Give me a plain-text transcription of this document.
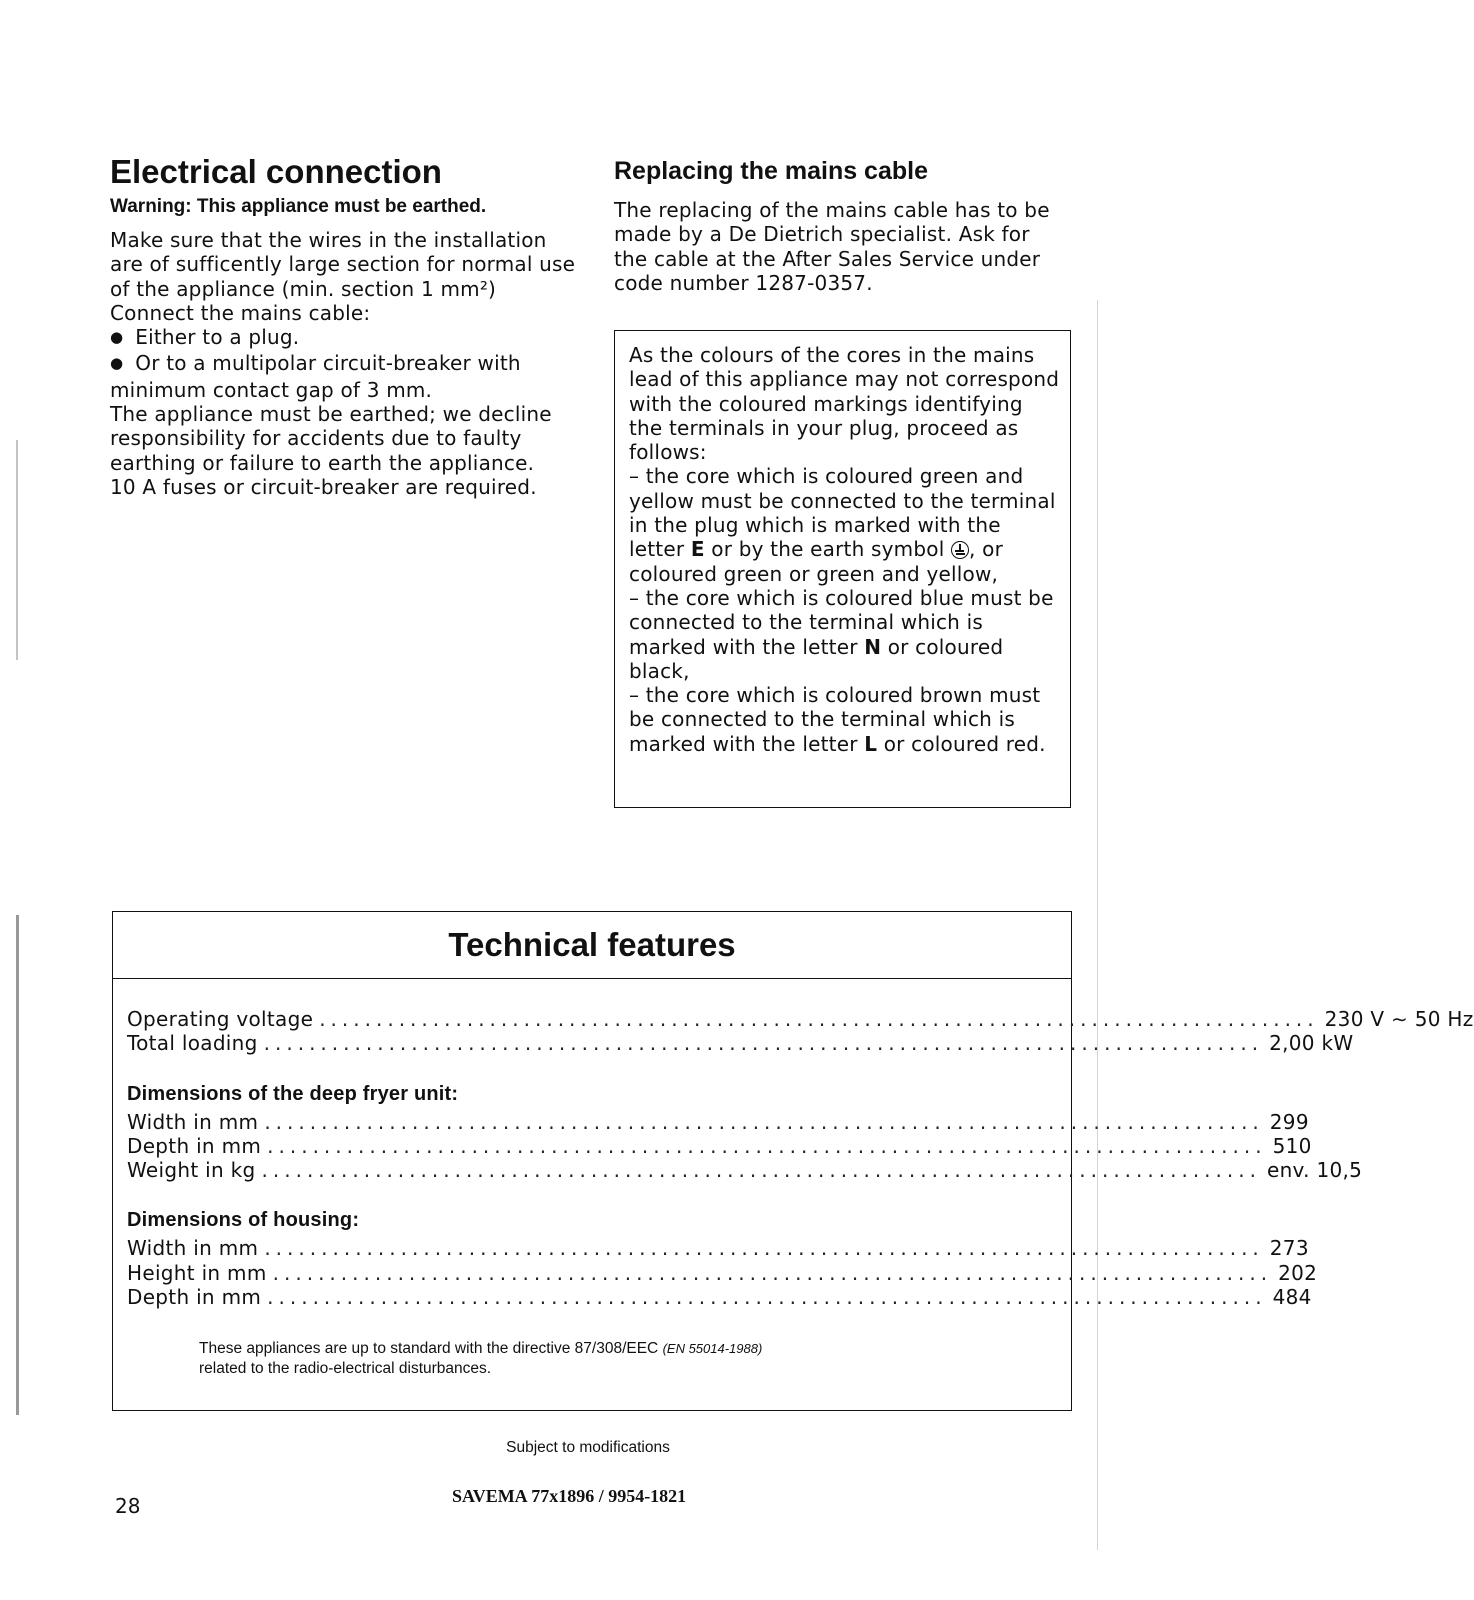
Electrical connection
Warning: This appliance must be earthed.

Make sure that the wires in the installation are of sufficently large section for normal use of the appliance (min. section 1 mm²)

Connect the mains cable:

● Either to a plug.

● Or to a multipolar circuit-breaker with minimum contact gap of 3 mm.

The appliance must be earthed; we decline responsibility for accidents due to faulty earthing or failure to earth the appliance.

10 A fuses or circuit-breaker are required.

Replacing the mains cable
The replacing of the mains cable has to be made by a De Dietrich specialist. Ask for the cable at the After Sales Service under code number 1287-0357.

As the colours of the cores in the mains lead of this appliance may not correspond with the coloured markings identifying the terminals in your plug, proceed as follows:

– the core which is coloured green and yellow must be connected to the terminal in the plug which is marked with the letter E or by the earth symbol , or coloured green or green and yellow,

– the core which is coloured blue must be connected to the terminal which is marked with the letter N or coloured black,

– the core which is coloured brown must be connected to the terminal which is marked with the letter L or coloured red.

Technical features
Operating voltage ........................................................................................ 230 V ∼ 50 Hz
Total loading ........................................................................................ 2,00 kW
Dimensions of the deep fryer unit:
Width in mm ........................................................................................ 299
Depth in mm ........................................................................................ 510
Weight in kg ........................................................................................ env. 10,5
Dimensions of housing:
Width in mm ........................................................................................ 273
Height in mm ........................................................................................ 202
Depth in mm ........................................................................................ 484
These appliances are up to standard with the directive 87/308/EEC (EN 55014-1988)
related to the radio-electrical disturbances.
Subject to modifications
28	SAVEMA 77x1896 / 9954-1821
